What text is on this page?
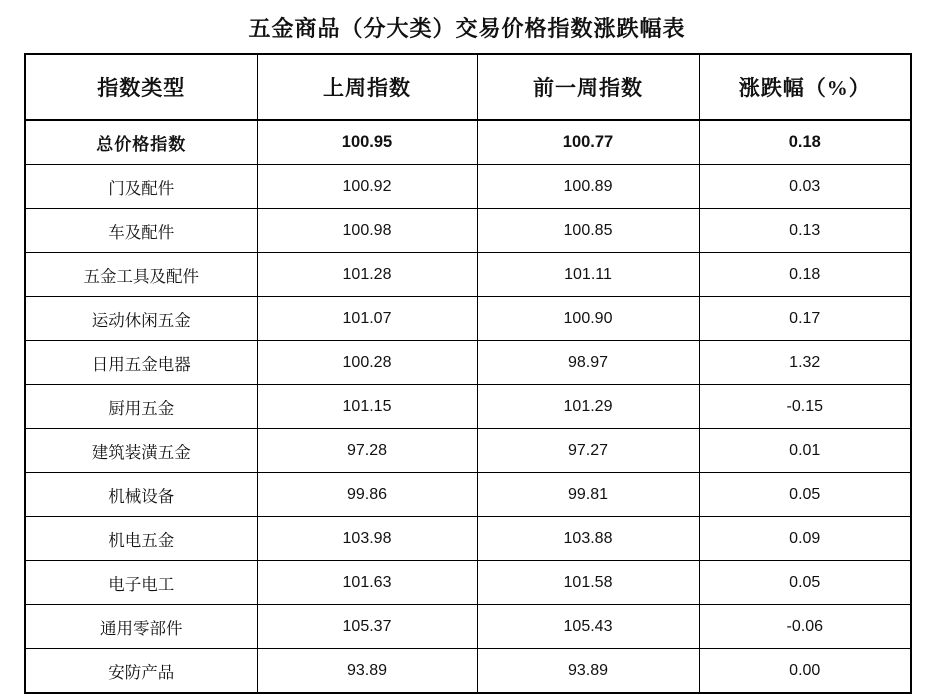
五金商品（分大类）交易价格指数涨跌幅表
指数类型	上周指数	前一周指数	涨跌幅（%）
总价格指数	100.95	100.77	0.18
门及配件	100.92	100.89	0.03
车及配件	100.98	100.85	0.13
五金工具及配件	101.28	101.11	0.18
运动休闲五金	101.07	100.90	0.17
日用五金电器	100.28	98.97	1.32
厨用五金	101.15	101.29	-0.15
建筑装潢五金	97.28	97.27	0.01
机械设备	99.86	99.81	0.05
机电五金	103.98	103.88	0.09
电子电工	101.63	101.58	0.05
通用零部件	105.37	105.43	-0.06
安防产品	93.89	93.89	0.00
